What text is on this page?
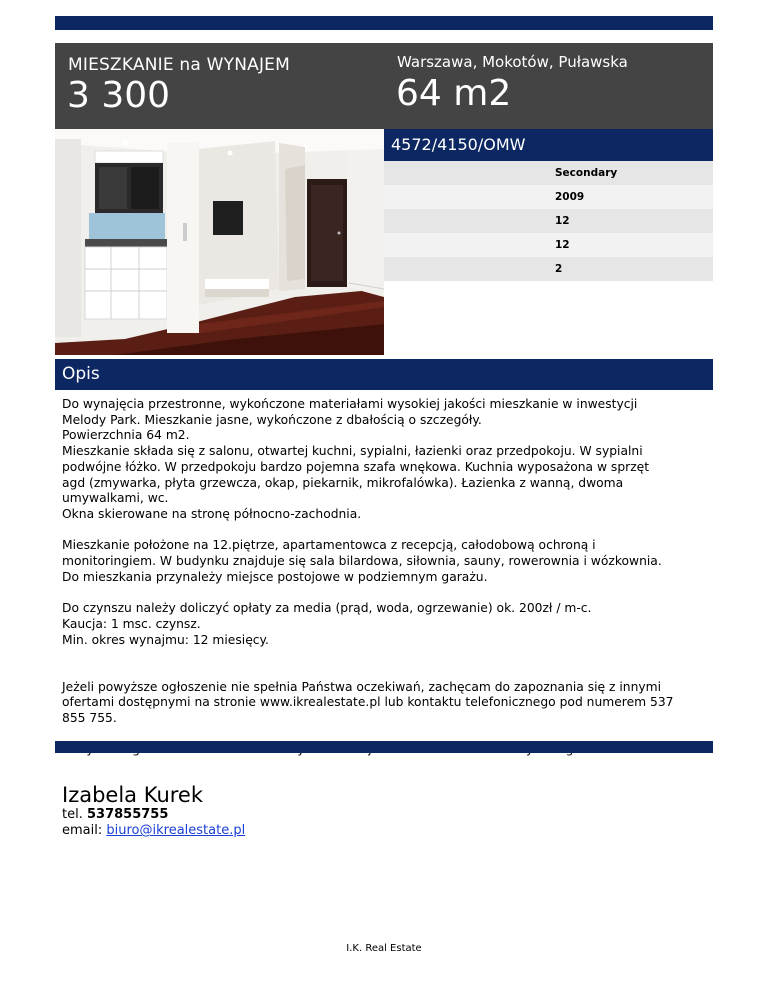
MIESZKANIE na WYNAJEM
3 300
Warszawa, Mokotów, Puławska
64 m2
4572/4150/OMW
Secondary
2009
12
12
2
Opis

Do wynajęcia przestronne, wykończone materiałami wysokiej jakości mieszkanie w inwestycji

Melody Park. Mieszkanie jasne, wykończone z dbałością o szczegóły.

Powierzchnia 64 m2.

Mieszkanie składa się z salonu, otwartej kuchni, sypialni, łazienki oraz przedpokoju. W sypialni

podwójne łóżko. W przedpokoju bardzo pojemna szafa wnękowa. Kuchnia wyposażona w sprzęt

agd (zmywarka, płyta grzewcza, okap, piekarnik, mikrofalówka). Łazienka z wanną, dwoma

umywalkami, wc.

Okna skierowane na stronę północno-zachodnia.

Mieszkanie położone na 12.piętrze, apartamentowca z recepcją, całodobową ochroną i

monitoringiem. W budynku znajduje się sala bilardowa, siłownia, sauny, rowerownia i wózkownia.

Do mieszkania przynależy miejsce postojowe w podziemnym garażu.

Do czynszu należy doliczyć opłaty za media (prąd, woda, ogrzewanie) ok. 200zł / m-c.

Kaucja: 1 msc. czynsz.

Min. okres wynajmu: 12 miesięcy.

Jeżeli powyższe ogłoszenie nie spełnia Państwa oczekiwań, zachęcam do zapoznania się z innymi

ofertami dostępnymi na stronie www.ikrealestate.pl lub kontaktu telefonicznego pod numerem 537

855 755.

Izabela Kurek
tel. 537855755
email: biuro@ikrealestate.pl
I.K. Real Estate
